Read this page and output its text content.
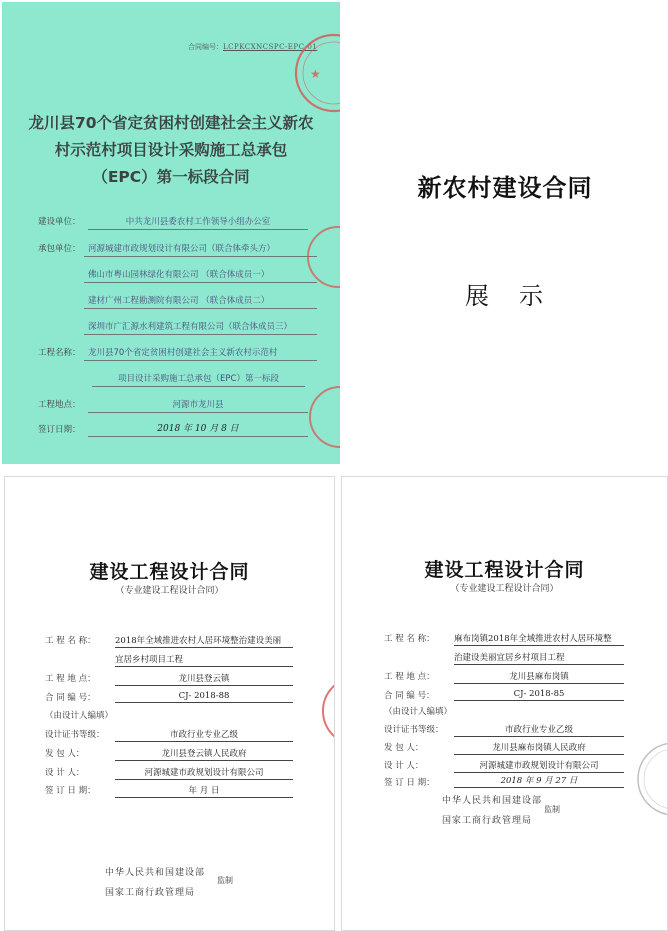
合同编号：LCPKCXNCSPC-EPC-01
龙川县70个省定贫困村创建社会主义新农
村示范村项目设计采购施工总承包
（EPC）第一标段合同
建设单位：	中共龙川县委农村工作领导小组办公室
承包单位： 河源城建市政规划设计有限公司（联合体牵头方）
佛山市粤山园林绿化有限公司 （联合体成员一）
建材广州工程勘测院有限公司 （联合体成员二）
深圳市广汇源水利建筑工程有限公司（联合体成员三）
工程名称： 龙川县70个省定贫困村创建社会主义新农村示范村
项目设计采购施工总承包（EPC）第一标段
工程地点：	河源市龙川县
签订日期：	2018 年 10 月 8 日
★
新农村建设合同
展示
建设工程设计合同
（专业建设工程设计合同）
工 程 名 称： 2018年全域推进农村人居环境整治建设美丽
宜居乡村项目工程
工 程 地 点：	龙川县登云镇
合 同 编 号：	CJ- 2018-88
（由设计人编填）
设计证书等级：	市政行业专业乙级
发 包 人：	龙川县登云镇人民政府
设 计 人：	河源城建市政规划设计有限公司
签 订 日 期：	年 月 日
中华人民共和国建设部
国家工商行政管理局
监制
建设工程设计合同
（专业建设工程设计合同）
工 程 名 称： 麻布岗镇2018年全域推进农村人居环境整
治建设美丽宜居乡村项目工程
工 程 地 点：	龙川县麻布岗镇
合 同 编 号：	CJ- 2018-85
（由设计人编填）
设计证书等级：	市政行业专业乙级
发 包 人：	龙川县麻布岗镇人民政府
设 计 人：	河源城建市政规划设计有限公司
签 订 日 期：	2018 年 9 月 27 日
中华人民共和国建设部
国家工商行政管理局
监制
